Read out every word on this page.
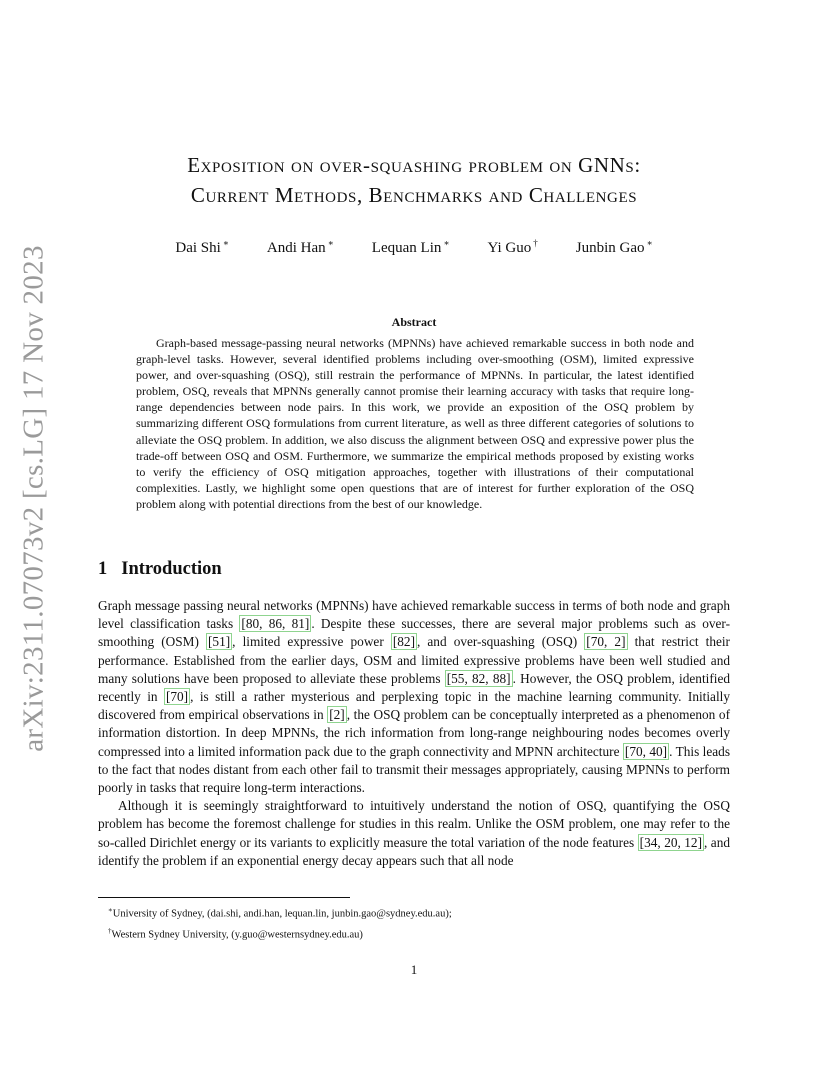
arXiv:2311.07073v2 [cs.LG] 17 Nov 2023
Exposition on over-squashing problem on GNNs:
Current Methods, Benchmarks and Challenges
Dai Shi ∗	Andi Han ∗	Lequan Lin ∗	Yi Guo †	Junbin Gao ∗
Abstract
Graph-based message-passing neural networks (MPNNs) have achieved remarkable success in both node and graph-level tasks. However, several identified problems including over-smoothing (OSM), limited expressive power, and over-squashing (OSQ), still restrain the performance of MPNNs. In particular, the latest identified problem, OSQ, reveals that MPNNs generally cannot promise their learning accuracy with tasks that require long-range dependencies between node pairs. In this work, we provide an exposition of the OSQ problem by summarizing different OSQ formulations from current literature, as well as three different categories of solutions to alleviate the OSQ problem. In addition, we also discuss the alignment between OSQ and expressive power plus the trade-off between OSQ and OSM. Furthermore, we summarize the empirical methods proposed by existing works to verify the efficiency of OSQ mitigation approaches, together with illustrations of their computational complexities. Lastly, we highlight some open questions that are of interest for further exploration of the OSQ problem along with potential directions from the best of our knowledge.
1 Introduction

Graph message passing neural networks (MPNNs) have achieved remarkable success in terms of both node and graph level classification tasks [80, 86, 81] . Despite these successes, there are several major problems such as over-smoothing (OSM) [51] , limited expressive power [82] , and over-squashing (OSQ) [70, 2] that restrict their performance. Established from the earlier days, OSM and limited expressive problems have been well studied and many solutions have been proposed to alleviate these problems [55, 82, 88] . However, the OSQ problem, identified recently in [70] , is still a rather mysterious and perplexing topic in the machine learning community. Initially discovered from empirical observations in [2] , the OSQ problem can be conceptually interpreted as a phenomenon of information distortion. In deep MPNNs, the rich information from long-range neighbouring nodes becomes overly compressed into a limited information pack due to the graph connectivity and MPNN architecture [70, 40] . This leads to the fact that nodes distant from each other fail to transmit their messages appropriately, causing MPNNs to perform poorly in tasks that require long-term interactions.

Although it is seemingly straightforward to intuitively understand the notion of OSQ, quantifying the OSQ problem has become the foremost challenge for studies in this realm. Unlike the OSM problem, one may refer to the so-called Dirichlet energy or its variants to explicitly measure the total variation of the node features [34, 20, 12] , and identify the problem if an exponential energy decay appears such that all node

∗University of Sydney, (dai.shi, andi.han, lequan.lin, junbin.gao@sydney.edu.au);
†Western Sydney University, (y.guo@westernsydney.edu.au)
1
